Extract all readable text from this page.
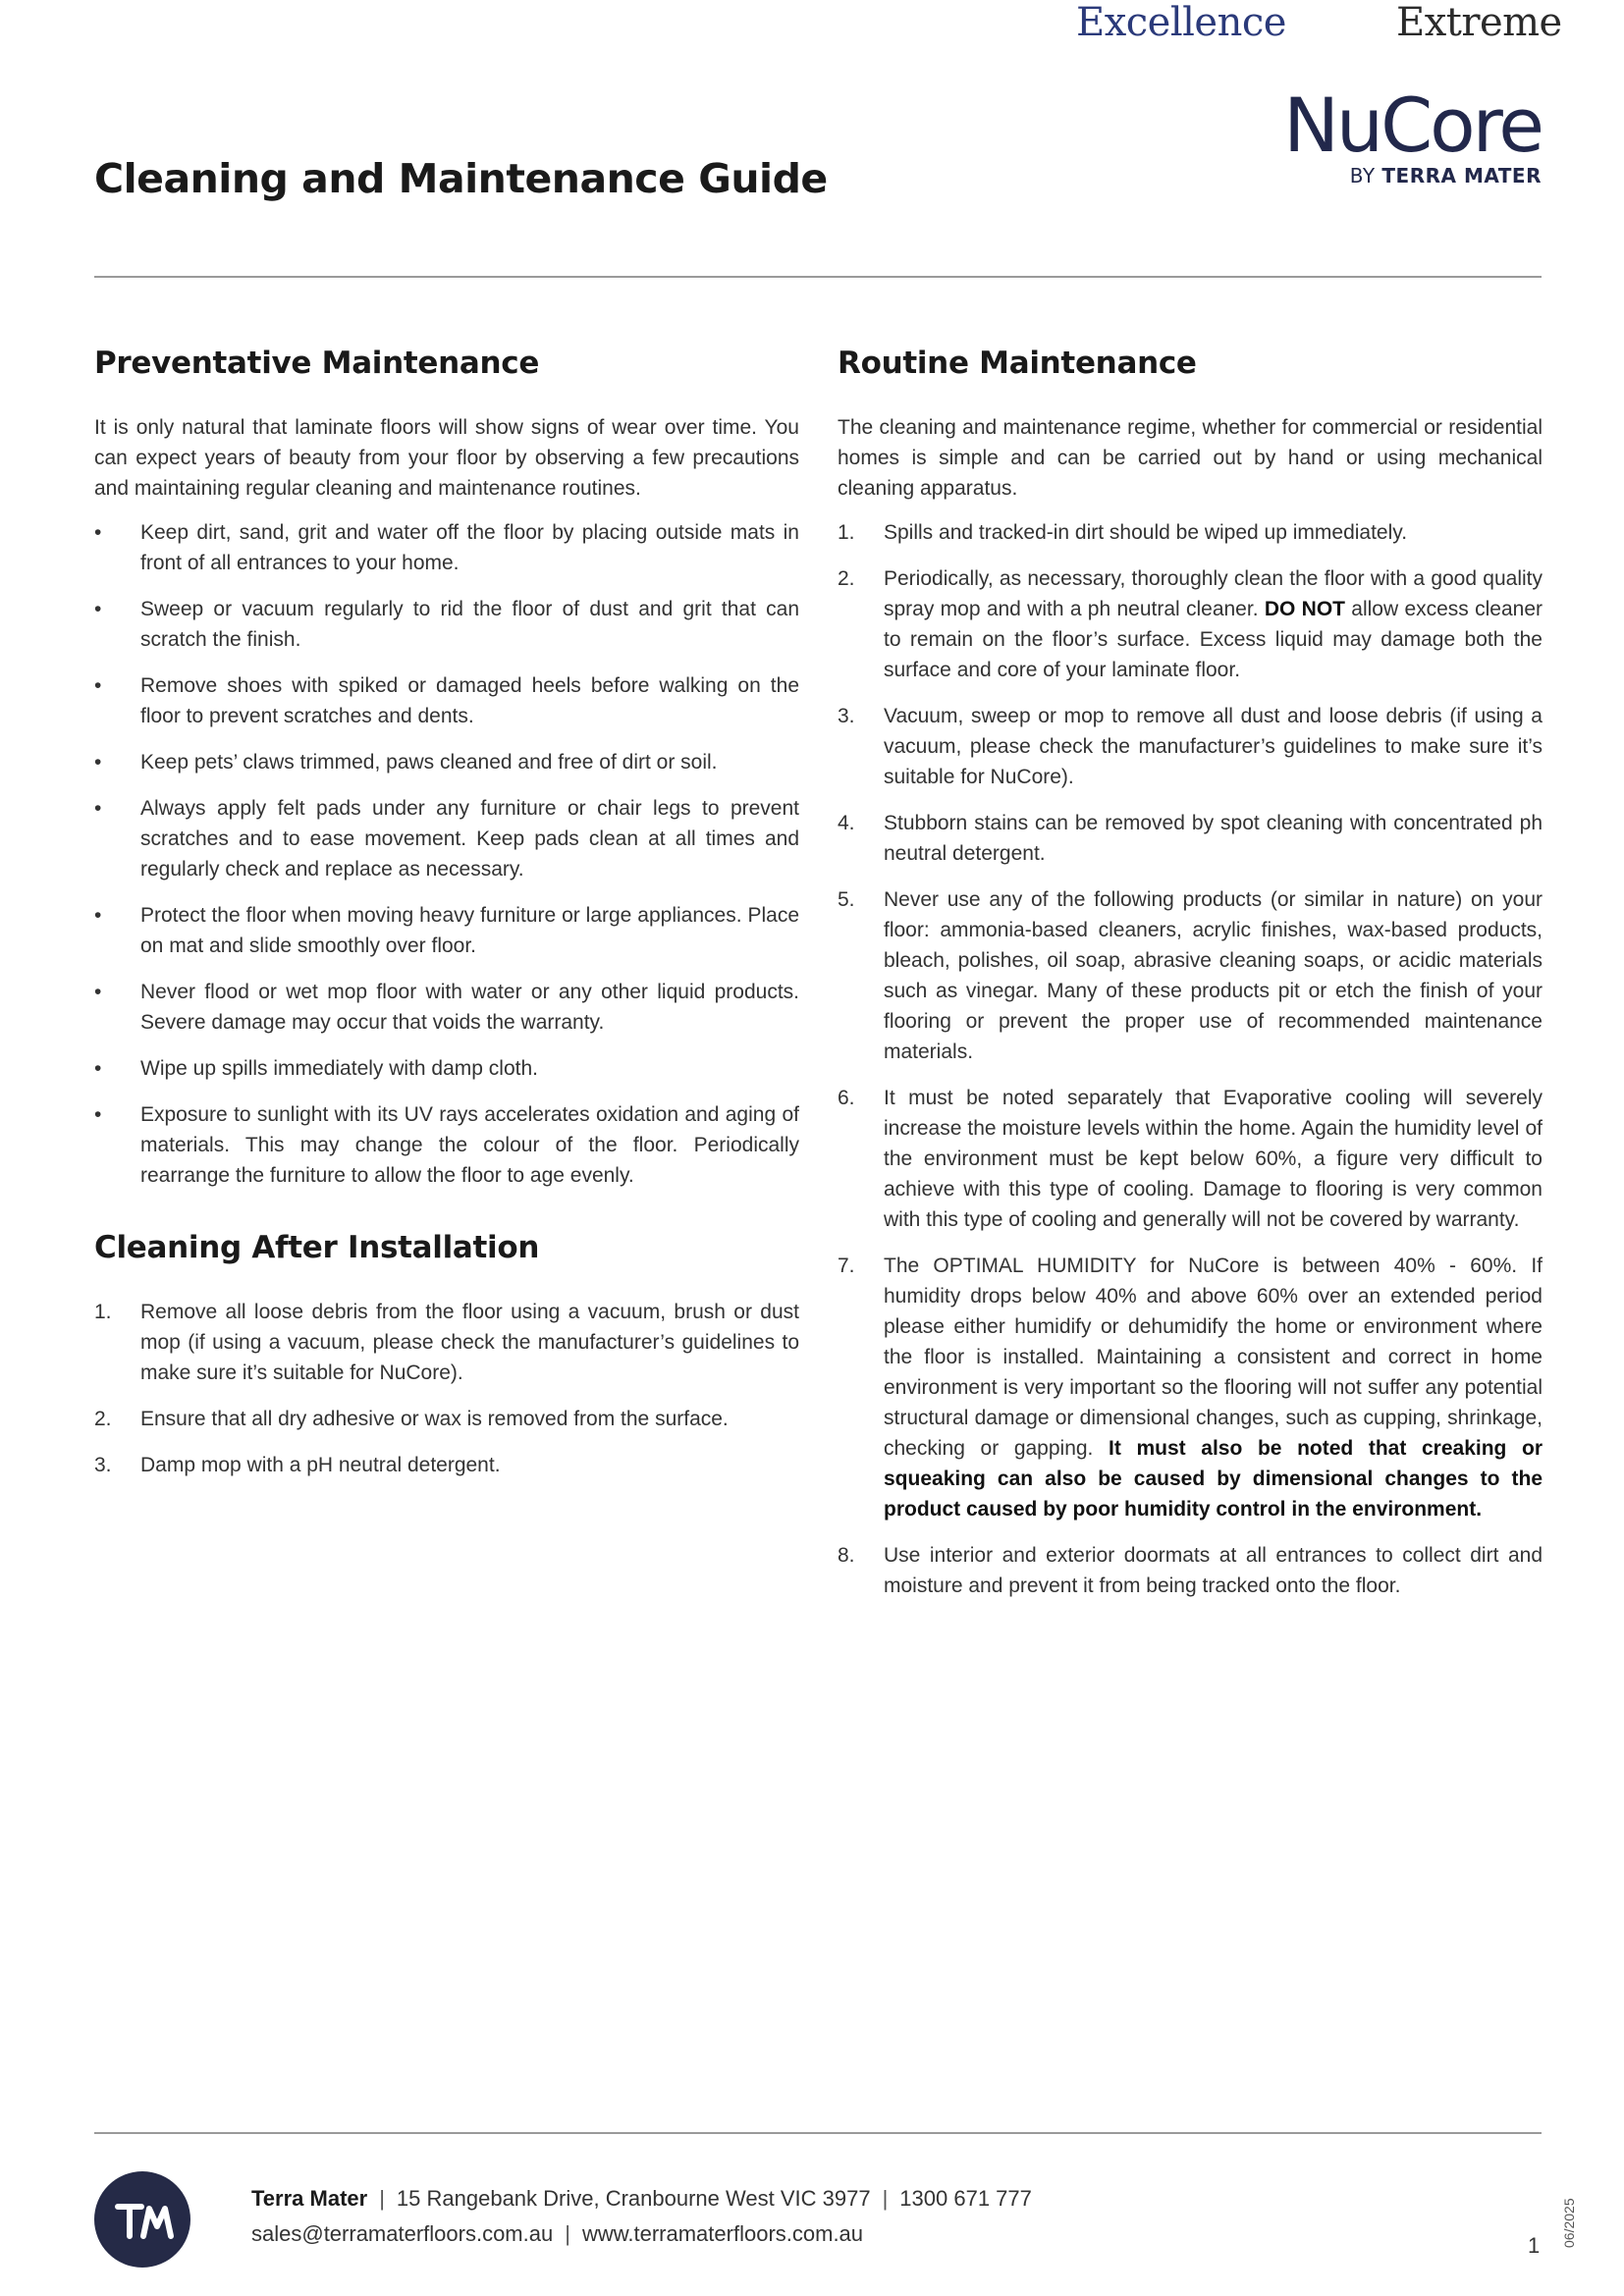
Cleaning and Maintenance Guide
NuCore
BY TERRA MATER
Preventative Maintenance

It is only natural that laminate floors will show signs of wear over time. You can expect years of beauty from your floor by observing a few precautions and maintaining regular cleaning and maintenance routines.

• Keep dirt, sand, grit and water off the floor by placing outside mats in front of all entrances to your home.
• Sweep or vacuum regularly to rid the floor of dust and grit that can scratch the finish.
• Remove shoes with spiked or damaged heels before walking on the floor to prevent scratches and dents.
• Keep pets’ claws trimmed, paws cleaned and free of dirt or soil.
• Always apply felt pads under any furniture or chair legs to prevent scratches and to ease movement. Keep pads clean at all times and regularly check and replace as necessary.
• Protect the floor when moving heavy furniture or large appliances. Place on mat and slide smoothly over floor.
• Never flood or wet mop floor with water or any other liquid products. Severe damage may occur that voids the warranty.
• Wipe up spills immediately with damp cloth.
• Exposure to sunlight with its UV rays accelerates oxidation and aging of materials. This may change the colour of the floor. Periodically rearrange the furniture to allow the floor to age evenly.
Cleaning After Installation
1. Remove all loose debris from the floor using a vacuum, brush or dust mop (if using a vacuum, please check the manufacturer’s guidelines to make sure it’s suitable for NuCore).
2. Ensure that all dry adhesive or wax is removed from the surface.
3. Damp mop with a pH neutral detergent.
Routine Maintenance

The cleaning and maintenance regime, whether for commercial or residential homes is simple and can be carried out by hand or using mechanical cleaning apparatus.

1. Spills and tracked-in dirt should be wiped up immediately.
2. Periodically, as necessary, thoroughly clean the floor with a good quality spray mop and with a ph neutral cleaner. DO NOT allow excess cleaner to remain on the floor’s surface. Excess liquid may damage both the surface and core of your laminate floor.
3. Vacuum, sweep or mop to remove all dust and loose debris (if using a vacuum, please check the manufacturer’s guidelines to make sure it’s suitable for NuCore).
4. Stubborn stains can be removed by spot cleaning with concentrated ph neutral detergent.
5. Never use any of the following products (or similar in nature) on your floor: ammonia-based cleaners, acrylic finishes, wax-based products, bleach, polishes, oil soap, abrasive cleaning soaps, or acidic materials such as vinegar. Many of these products pit or etch the finish of your flooring or prevent the proper use of recommended maintenance materials.
6. It must be noted separately that Evaporative cooling will severely increase the moisture levels within the home. Again the humidity level of the environment must be kept below 60%, a figure very difficult to achieve with this type of cooling. Damage to flooring is very common with this type of cooling and generally will not be covered by warranty.
7. The OPTIMAL HUMIDITY for NuCore is between 40% - 60%. If humidity drops below 40% and above 60% over an extended period please either humidify or dehumidify the home or environment where the floor is installed. Maintaining a consistent and correct in home environment is very important so the flooring will not suffer any potential structural damage or dimensional changes, such as cupping, shrinkage, checking or gapping. It must also be noted that creaking or squeaking can also be caused by dimensional changes to the product caused by poor humidity control in the environment.
8. Use interior and exterior doormats at all entrances to collect dirt and moisture and prevent it from being tracked onto the floor.
Excellence	Extreme
Terra Mater | 15 Rangebank Drive, Cranbourne West VIC 3977 | 1300 671 777
sales@terramaterfloors.com.au | www.terramaterfloors.com.au	1 06/2025
